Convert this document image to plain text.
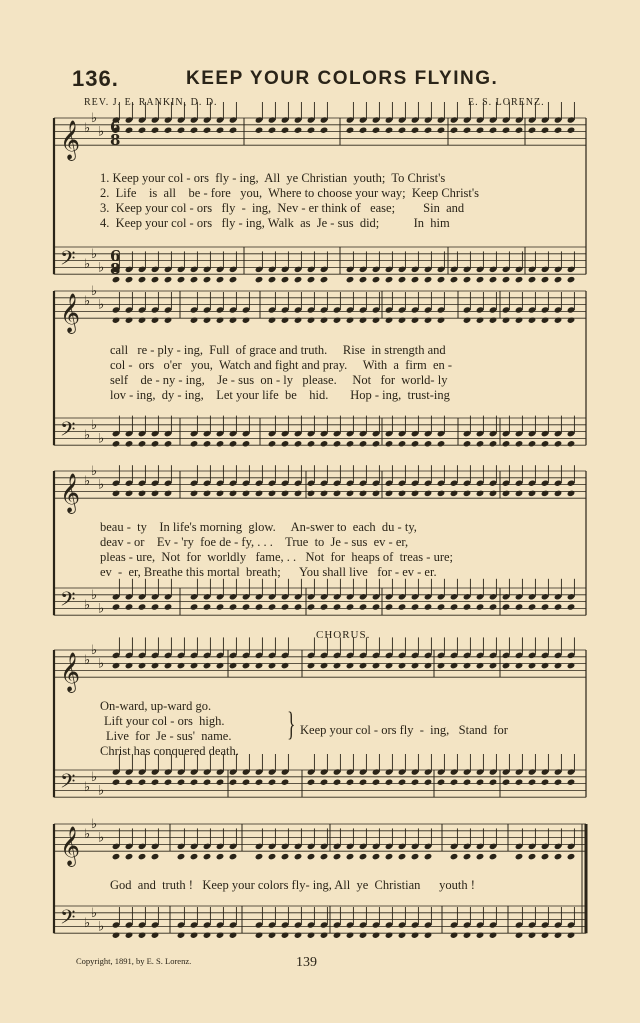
136.	KEEP YOUR COLORS FLYING.
REV. J. E. RANKIN, D. D.	E. S. LORENZ.
𝄞 ♭
♭
♭
𝄢 ♭
♭
♭
𝄞 ♭
♭
♭
𝄢 ♭
♭
♭
𝄞 ♭
♭
♭
𝄢 ♭
♭
♭
𝄞 ♭
♭
♭
𝄢 ♭
♭
♭
𝄞 ♭
♭
♭
𝄢 ♭
♭
♭
6
8
6
8
1. Keep your col - ors  fly - ing,  All  ye Christian  youth;  To Christ's
2.  Life    is  all    be - fore   you,  Where to choose your way;  Keep Christ's
3.  Keep your col - ors   fly  -  ing,  Nev - er think of   ease;         Sin  and
4.  Keep your col - ors   fly - ing, Walk  as  Je - sus  did;           In  him
call   re - ply - ing,  Full  of grace and truth.     Rise  in strength and
col -  ors   o'er   you,  Watch and fight and pray.     With  a  firm  en -
self    de - ny - ing,    Je - sus  on - ly   please.     Not   for  world- ly
lov - ing,  dy - ing,    Let your life  be    hid.       Hop - ing,  trust-ing
beau -  ty    In life's morning  glow.     An-swer to  each  du - ty,
deav - or    Ev - 'ry  foe de - fy, . . .    True  to  Je - sus  ev - er,
pleas - ure,  Not  for  worldly   fame, . .   Not  for  heaps of  treas - ure;
ev  -  er, Breathe this mortal  breath;      You shall live   for - ev - er.
CHORUS.
On-ward, up-ward go.
Lift your col - ors  high.
Live  for  Je - sus'  name.
Christ has conquered death.
} Keep your col - ors fly  -  ing,   Stand  for
God  and  truth !   Keep your colors fly- ing, All  ye  Christian      youth !
Copyright, 1891, by E. S. Lorenz.	139
